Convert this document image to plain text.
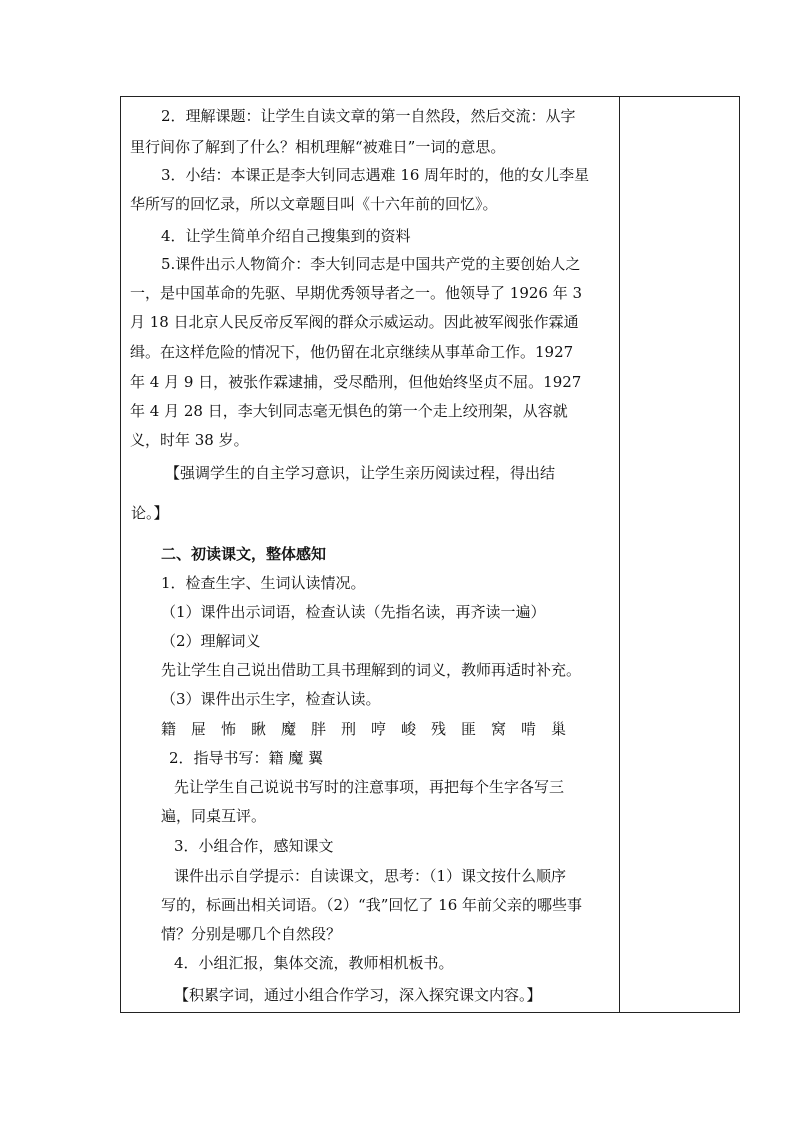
2．理解课题：让学生自读文章的第一自然段，然后交流：从字
里行间你了解到了什么？相机理解“被难日”一词的意思。
3．小结：本课正是李大钊同志遇难 16 周年时的，他的女儿李星
华所写的回忆录，所以文章题目叫《十六年前的回忆》。
4．让学生简单介绍自己搜集到的资料
5.课件出示人物简介：李大钊同志是中国共产党的主要创始人之
一，是中国革命的先驱、早期优秀领导者之一。他领导了 1926 年 3
月 18 日北京人民反帝反军阀的群众示威运动。因此被军阀张作霖通
缉。在这样危险的情况下，他仍留在北京继续从事革命工作。1927
年 4 月 9 日，被张作霖逮捕，受尽酷刑，但他始终坚贞不屈。1927
年 4 月 28 日，李大钊同志毫无惧色的第一个走上绞刑架，从容就
义，时年 38 岁。
【强调学生的自主学习意识，让学生亲历阅读过程，得出结
论。】
二、初读课文，整体感知
1．检查生字、生词认读情况。
（1）课件出示词语，检查认读（先指名读，再齐读一遍）
（2）理解词义
先让学生自己说出借助工具书理解到的词义，教师再适时补充。
（3）课件出示生字，检查认读。
籍　屉　怖　瞅　魔　胖　刑　哼　峻　残　匪　窝　啃　巢
2．指导书写：籍 魔 翼
先让学生自己说说书写时的注意事项，再把每个生字各写三
遍，同桌互评。
3．小组合作，感知课文
课件出示自学提示：自读课文，思考：（1）课文按什么顺序
写的，标画出相关词语。（2）“我”回忆了 16 年前父亲的哪些事
情？分别是哪几个自然段？
4．小组汇报，集体交流，教师相机板书。
【积累字词，通过小组合作学习，深入探究课文内容。】
